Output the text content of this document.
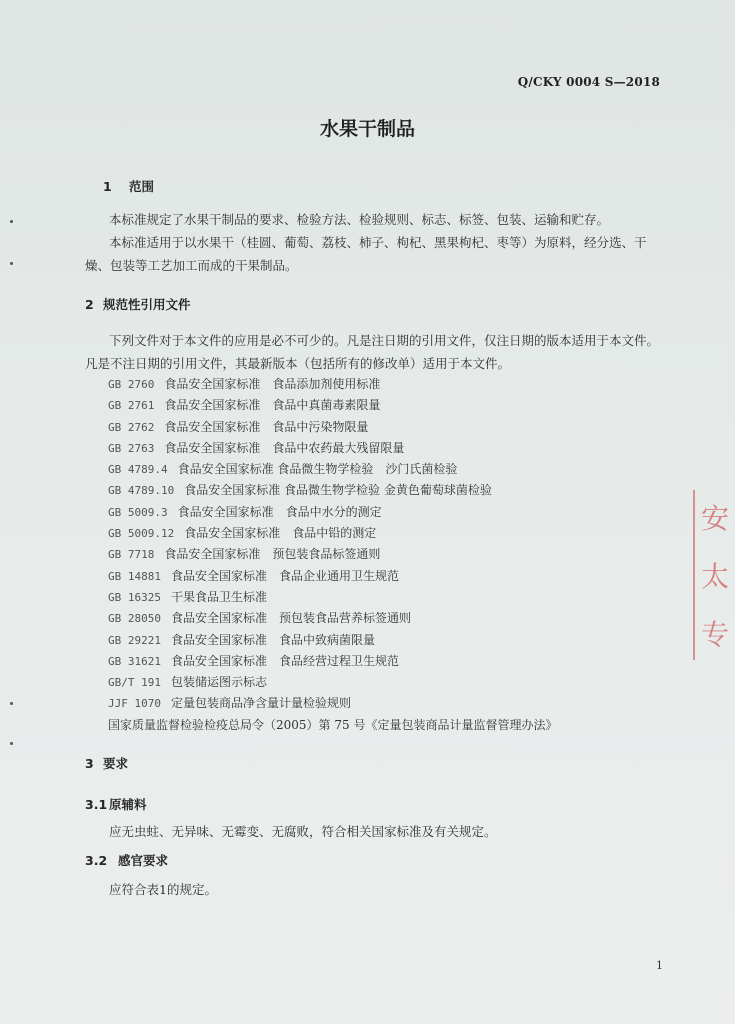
Q/CKY 0004 S—2018
水果干制品
1 范围
本标准规定了水果干制品的要求、检验方法、检验规则、标志、标签、包装、运输和贮存。
本标准适用于以水果干（桂圆、葡萄、荔枝、柿子、枸杞、黑果枸杞、枣等）为原料，经分选、干燥、包装等工艺加工而成的干果制品。
2 规范性引用文件
下列文件对于本文件的应用是必不可少的。凡是注日期的引用文件，仅注日期的版本适用于本文件。凡是不注日期的引用文件，其最新版本（包括所有的修改单）适用于本文件。
GB 2760 食品安全国家标准　食品添加剂使用标准
GB 2761 食品安全国家标准　食品中真菌毒素限量
GB 2762 食品安全国家标准　食品中污染物限量
GB 2763 食品安全国家标准　食品中农药最大残留限量
GB 4789.4 食品安全国家标准 食品微生物学检验　沙门氏菌检验
GB 4789.10 食品安全国家标准 食品微生物学检验 金黄色葡萄球菌检验
GB 5009.3 食品安全国家标准　食品中水分的测定
GB 5009.12 食品安全国家标准　食品中铅的测定
GB 7718 食品安全国家标准　预包装食品标签通则
GB 14881 食品安全国家标准　食品企业通用卫生规范
GB 16325 干果食品卫生标准
GB 28050 食品安全国家标准　预包装食品营养标签通则
GB 29221 食品安全国家标准　食品中致病菌限量
GB 31621 食品安全国家标准　食品经营过程卫生规范
GB/T 191 包装储运图示标志
JJF 1070 定量包装商品净含量计量检验规则
国家质量监督检验检疫总局令（2005）第 75 号《定量包装商品计量监督管理办法》
3 要求
3.1 原辅料
应无虫蛀、无异味、无霉变、无腐败，符合相关国家标准及有关规定。
3.2 感官要求
应符合表1的规定。
1
安
太
专
